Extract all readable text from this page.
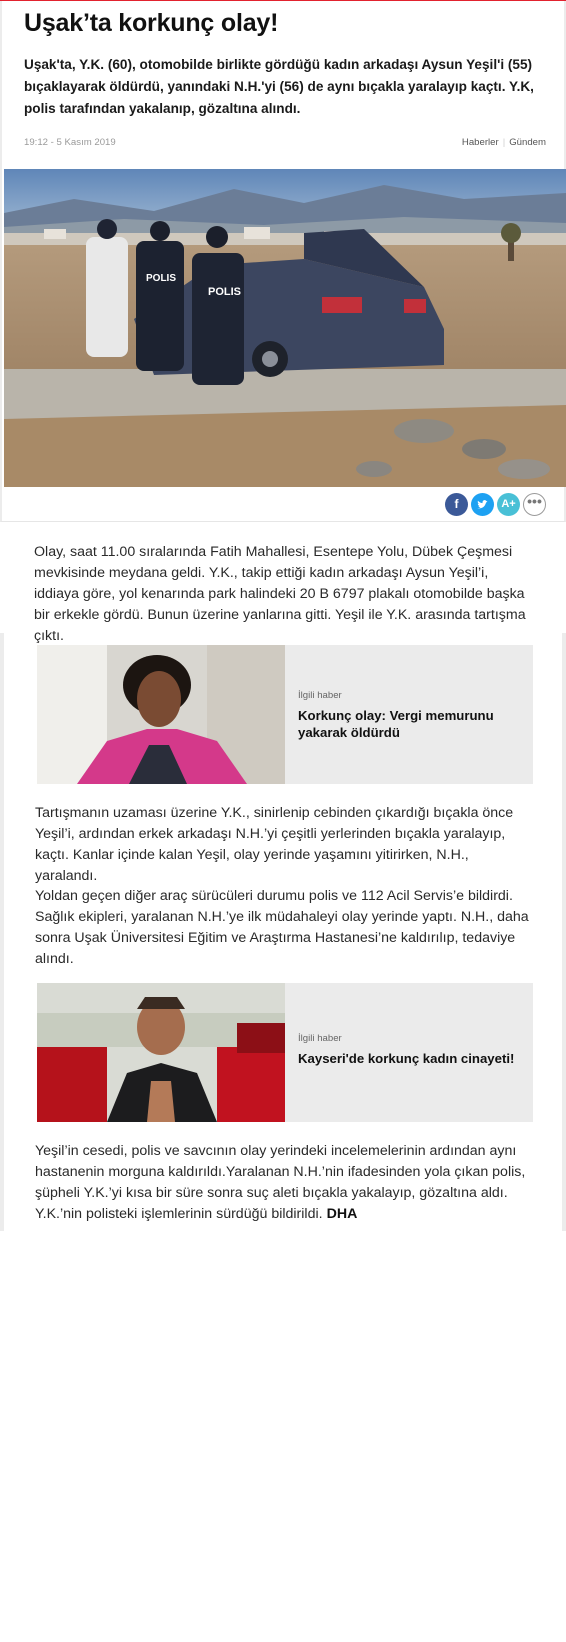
Uşak’ta korkunç olay!

Uşak'ta, Y.K. (60), otomobilde birlikte gördüğü kadın arkadaşı Aysun Yeşil'i (55) bıçaklayarak öldürdü, yanındaki N.H.'yi (56) de aynı bıçakla yaralayıp kaçtı. Y.K, polis tarafından yakalanıp, gözaltına alındı.

19:12 - 5 Kasım 2019	Haberler | Gündem
POLIS
POLIS
f	A+ •••

Olay, saat 11.00 sıralarında Fatih Mahallesi, Esentepe Yolu, Dübek Çeşmesi mevkisinde meydana geldi. Y.K., takip ettiği kadın arkadaşı Aysun Yeşil’i, iddiaya göre, yol kenarında park halindeki 20 B 6797 plakalı otomobilde başka bir erkekle gördü. Bunun üzerine yanlarına gitti. Yeşil ile Y.K. arasında tartışma çıktı.

İlgili haber
Korkunç olay: Vergi memurunu yakarak öldürdü

Tartışmanın uzaması üzerine Y.K., sinirlenip cebinden çıkardığı bıçakla önce Yeşil’i, ardından erkek arkadaşı N.H.’yi çeşitli yerlerinden bıçakla yaralayıp, kaçtı. Kanlar içinde kalan Yeşil, olay yerinde yaşamını yitirirken, N.H., yaralandı.

Yoldan geçen diğer araç sürücüleri durumu polis ve 112 Acil Servis’e bildirdi. Sağlık ekipleri, yaralanan N.H.’ye ilk müdahaleyi olay yerinde yaptı. N.H., daha sonra Uşak Üniversitesi Eğitim ve Araştırma Hastanesi’ne kaldırılıp, tedaviye alındı.

İlgili haber
Kayseri'de korkunç kadın cinayeti!

Yeşil’in cesedi, polis ve savcının olay yerindeki incelemelerinin ardından aynı hastanenin morguna kaldırıldı.Yaralanan N.H.’nin ifadesinden yola çıkan polis, şüpheli Y.K.’yi kısa bir süre sonra suç aleti bıçakla yakalayıp, gözaltına aldı. Y.K.’nin polisteki işlemlerinin sürdüğü bildirildi. DHA
